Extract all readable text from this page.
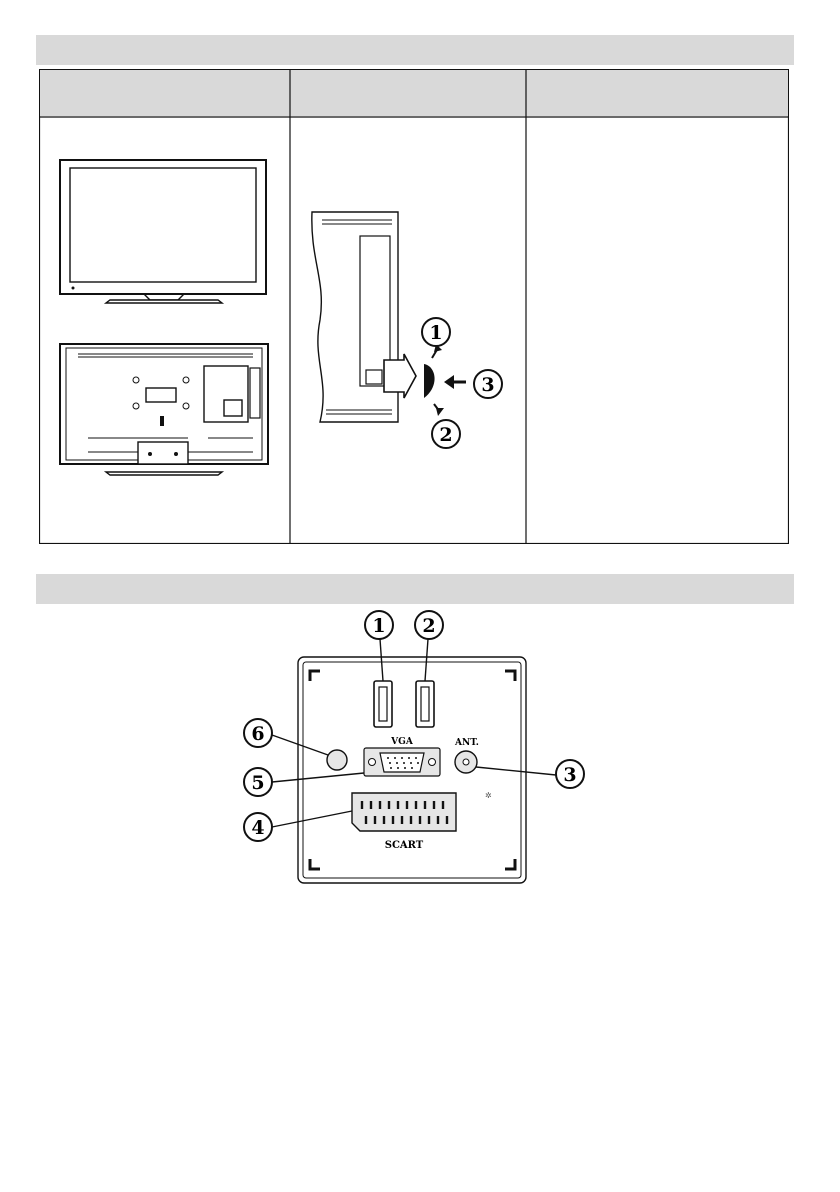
1
3
2
VGA	ANT.
✲
SCART
1 2
3
4
5
6
